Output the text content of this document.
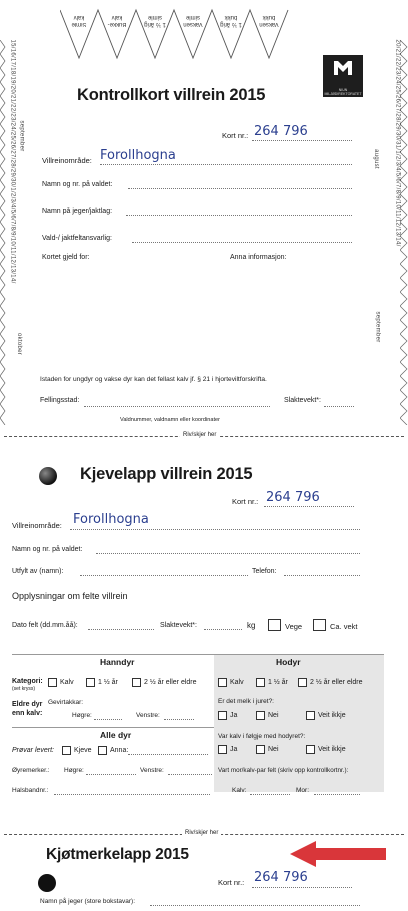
Simle
kalv
Bukke-
kalv
1 ½ årig
simle
Vaksen
simle
1 ½ årig
bukk
Vaksen
bukk
15/16/17/18/19/20/21/22/23/24/25/26/27/28/29/30/1/2/3/4/5/6/7/8/9/10/11/12/13/14/ september
oktober
20/21/22/23/24/25/26/27/28/29/30/31/1/2/3/4/5/6/7/8/9/10/11/12/13/14/
august
september
NIUN
MILJØDIREKTORATET
Kontrollkort villrein 2015
Kort nr.: 264 796
Villreinområde: Forollhogna
Namn og nr. på valdet:
Namn på jeger/jaktlag:
Vald-/ jaktfeltansvarlig:
Kortet gjeld for:	Anna informasjon:
Istaden for ungdyr og vakse dyr kan det fellast kalv jf. § 21 i hjorteviltforskrifta.
Fellingsstad:	Slaktevekt*:
Valdnummer, valdnamn eller koordinater
Riv/skjer her
Kjevelapp villrein 2015
Kort nr.: 264 796
Villreinområde: Forollhogna
Namn og nr. på valdet:
Utfylt av (namn):	Telefon:
Opplysningar om felte villrein
Dato felt (dd.mm.åå):	Slaktevekt*:	kg	Vege	Ca. vekt
Hanndyr	Hodyr
Kategori:
(set kryss)
Kalv	1 ½ år	2 ½ år eller eldre	Kalv	1 ½ år	2 ½ år eller eldre
Eldre dyr
enn kalv:
Gevirtakkar:
Høgre:	Venstre:
Er det melk i juret?:
Ja	Nei	Veit ikkje
Alle dyr	Var kalv i følgje med hodyret?:
Ja	Nei	Veit ikkje
Prøvar levert:	Kjeve	Anna:
Øyremerker.: Høgre:	Venstre:	Vart mor/kalv-par felt (skriv opp kontrollkortnr.):
Halsbandnr.:	Kalv:	Mor:
Riv/skjer her
Kjøtmerkelapp 2015
Kort nr.: 264 796
Namn på jeger (store bokstavar):
